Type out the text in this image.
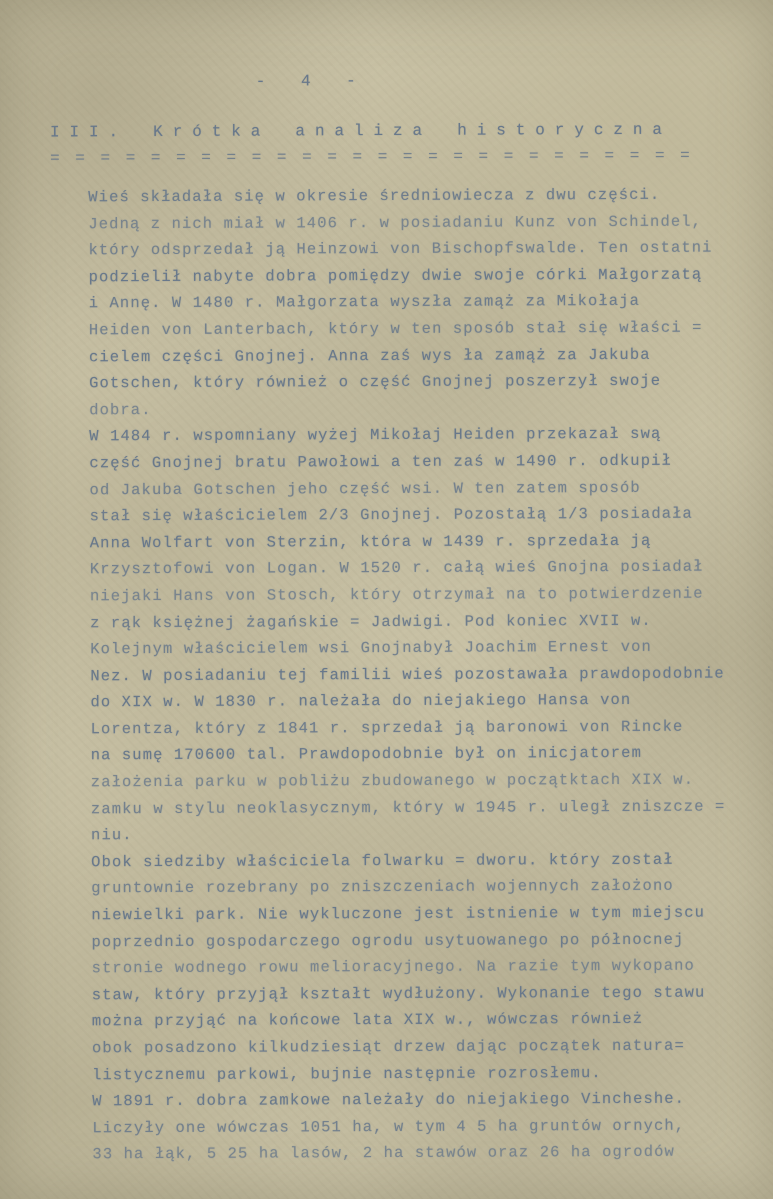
- 4 -
III. Krótka analiza historyczna
= = = = = = = = = = = = = = = = = = = = = = = = = =
Wieś składała się w okresie średniowiecza z dwu części.
Jedną z nich miał w 1406 r. w posiadaniu Kunz von Schindel,
który odsprzedał ją Heinzowi von Bischopfswalde. Ten ostatni
podzielił nabyte dobra pomiędzy dwie swoje córki Małgorzatą
i Annę. W 1480 r. Małgorzata wyszła zamąż za Mikołaja
Heiden von Lanterbach, który w ten sposób stał się właści =
cielem części Gnojnej. Anna zaś wys ła zamąż za Jakuba
Gotschen, który również o część Gnojnej poszerzył swoje
dobra.
W 1484 r. wspomniany wyżej Mikołaj Heiden przekazał swą
część Gnojnej bratu Pawołowi a ten zaś w 1490 r. odkupił
od Jakuba Gotschen jeho część wsi. W ten zatem sposób
stał się właścicielem 2/3 Gnojnej. Pozostałą 1/3 posiadała
Anna Wolfart von Sterzin, która w 1439 r. sprzedała ją
Krzysztofowi von Logan. W 1520 r. całą wieś Gnojna posiadał
niejaki Hans von Stosch, który otrzymał na to potwierdzenie
z rąk księżnej żagańskie = Jadwigi. Pod koniec XVII w.
Kolejnym właścicielem wsi Gnojnabył Joachim Ernest von
Nez. W posiadaniu tej familii wieś pozostawała prawdopodobnie
do XIX w. W 1830 r. należała do niejakiego Hansa von
Lorentza, który z 1841 r. sprzedał ją baronowi von Rincke
na sumę 170600 tal. Prawdopodobnie był on inicjatorem
założenia parku w pobliżu zbudowanego w początktach XIX w.
zamku w stylu neoklasycznym, który w 1945 r. uległ zniszcze =
niu.
Obok siedziby właściciela folwarku = dworu. który został
gruntownie rozebrany po zniszczeniach wojennych założono
niewielki park. Nie wykluczone jest istnienie w tym miejscu
poprzednio gospodarczego ogrodu usytuowanego po północnej
stronie wodnego rowu melioracyjnego. Na razie tym wykopano
staw, który przyjął kształt wydłużony. Wykonanie tego stawu
można przyjąć na końcowe lata XIX w., wówczas również
obok posadzono kilkudziesiąt drzew dając początek natura=
listycznemu parkowi, bujnie następnie rozrosłemu.
W 1891 r. dobra zamkowe należały do niejakiego Vincheshe.
Liczyły one wówczas 1051 ha, w tym 4 5 ha gruntów ornych,
33 ha łąk, 5 25 ha lasów, 2 ha stawów oraz 26 ha ogrodów
